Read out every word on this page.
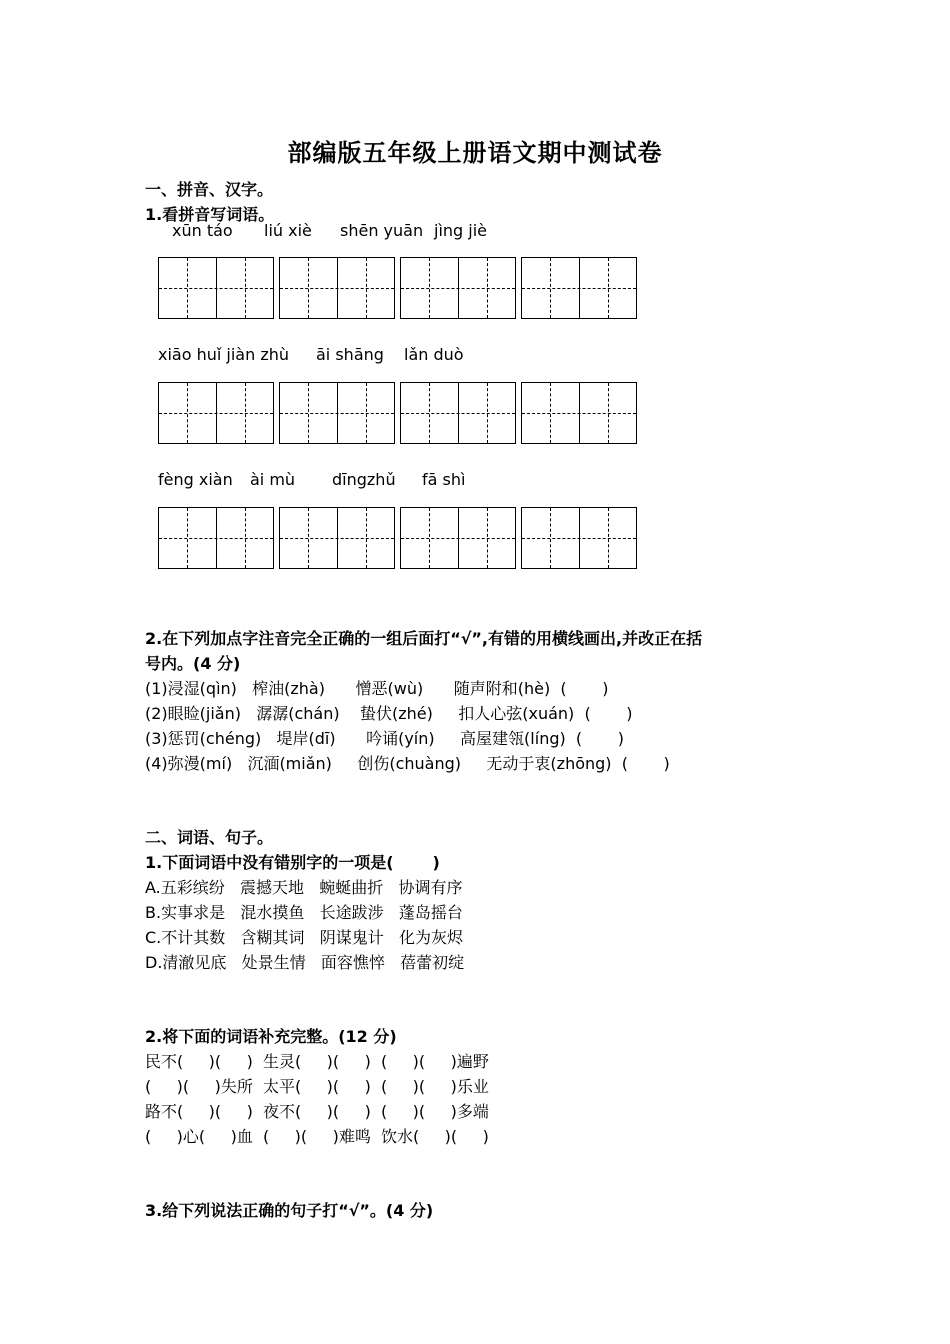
部编版五年级上册语文期中测试卷
一、拼音、汉字。
1.看拼音写词语。
xūn táo liú xiè shēn yuān jìng jiè
xiāo huǐ jiàn zhù āi shāng lǎn duò
fèng xiàn ài mù dīngzhǔ fā shì
2.在下列加点字注音完全正确的一组后面打“√”,有错的用横线画出,并改正在括
号内。(4 分)
(1)浸湿(qìn)   榨油(zhà)      憎恶(wù)      随声附和(hè)  (       )
(2)眼睑(jiǎn)   潺潺(chán)    蛰伏(zhé)     扣人心弦(xuán)  (       )
(3)惩罚(chéng)   堤岸(dī)      吟诵(yín)     高屋建瓴(líng)  (       )
(4)弥漫(mí)   沉湎(miǎn)     创伤(chuàng)     无动于衷(zhōng)  (       )
二、词语、句子。
1.下面词语中没有错别字的一项是(       )
A.五彩缤纷   震撼天地   蜿蜒曲折   协调有序
B.实事求是   混水摸鱼   长途跋涉   蓬岛摇台
C.不计其数   含糊其词   阴谋鬼计   化为灰烬
D.清澈见底   处景生情   面容憔悴   蓓蕾初绽
2.将下面的词语补充完整。(12 分)
民不(     )(     )  生灵(     )(     )  (     )(     )遍野
(     )(     )失所  太平(     )(     )  (     )(     )乐业
路不(     )(     )  夜不(     )(     )  (     )(     )多端
(     )心(     )血  (     )(     )难鸣  饮水(     )(     )
3.给下列说法正确的句子打“√”。(4 分)
